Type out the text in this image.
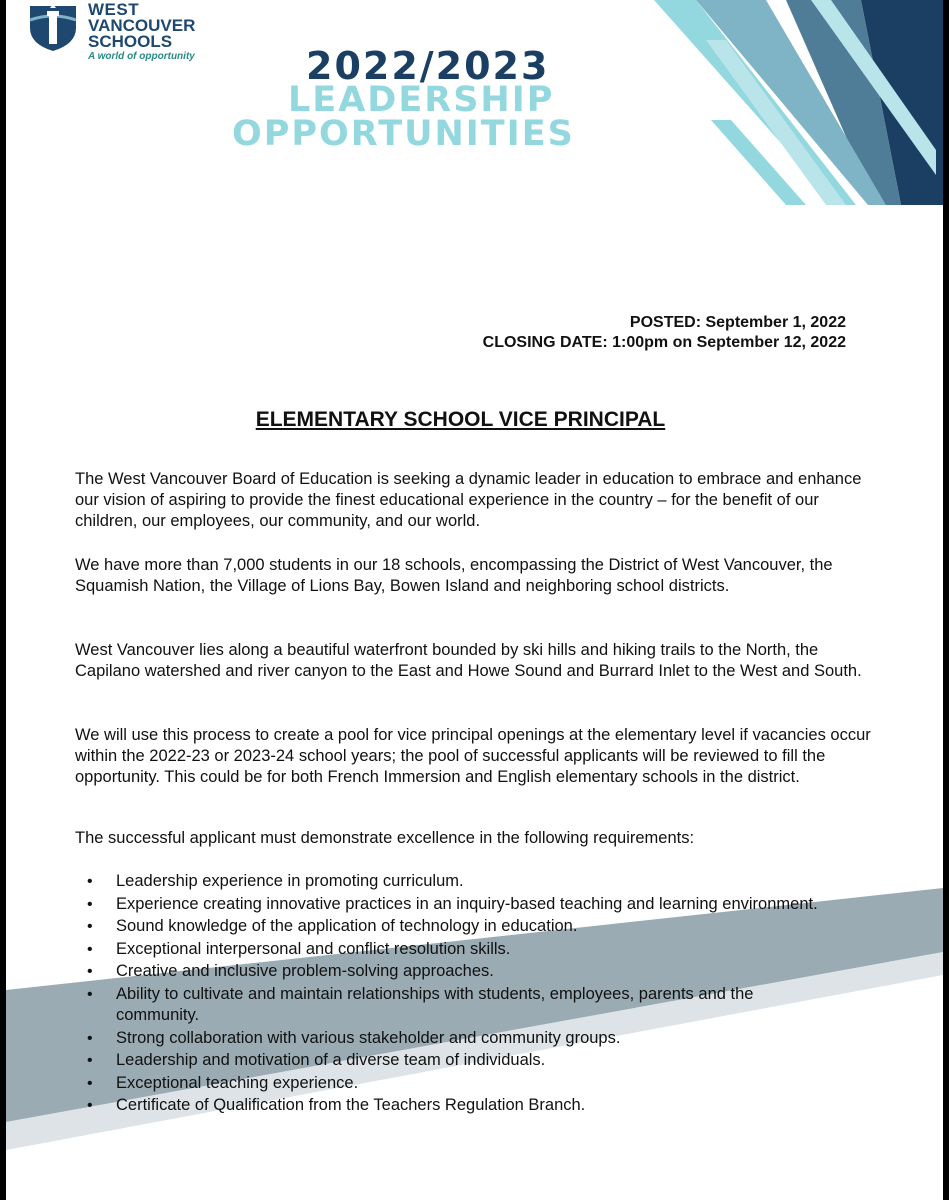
WEST
VANCOUVER
SCHOOLS
A world of opportunity	2022/2023
LEADERSHIP
OPPORTUNITIES
POSTED: September 1, 2022
CLOSING DATE: 1:00pm on September 12, 2022
ELEMENTARY SCHOOL VICE PRINCIPAL

The West Vancouver Board of Education is seeking a dynamic leader in education to embrace and enhance our vision of aspiring to provide the finest educational experience in the country – for the benefit of our children, our employees, our community, and our world.

We have more than 7,000 students in our 18 schools, encompassing the District of West Vancouver, the Squamish Nation, the Village of Lions Bay, Bowen Island and neighboring school districts.

West Vancouver lies along a beautiful waterfront bounded by ski hills and hiking trails to the North, the Capilano watershed and river canyon to the East and Howe Sound and Burrard Inlet to the West and South.

We will use this process to create a pool for vice principal openings at the elementary level if vacancies occur within the 2022-23 or 2023-24 school years; the pool of successful applicants will be reviewed to fill the opportunity. This could be for both French Immersion and English elementary schools in the district.

The successful applicant must demonstrate excellence in the following requirements:

• Leadership experience in promoting curriculum.
• Experience creating innovative practices in an inquiry-based teaching and learning environment.
• Sound knowledge of the application of technology in education.
• Exceptional interpersonal and conflict resolution skills.
• Creative and inclusive problem-solving approaches.
• Ability to cultivate and maintain relationships with students, employees, parents and the community.
• Strong collaboration with various stakeholder and community groups.
• Leadership and motivation of a diverse team of individuals.
• Exceptional teaching experience.
• Certificate of Qualification from the Teachers Regulation Branch.
